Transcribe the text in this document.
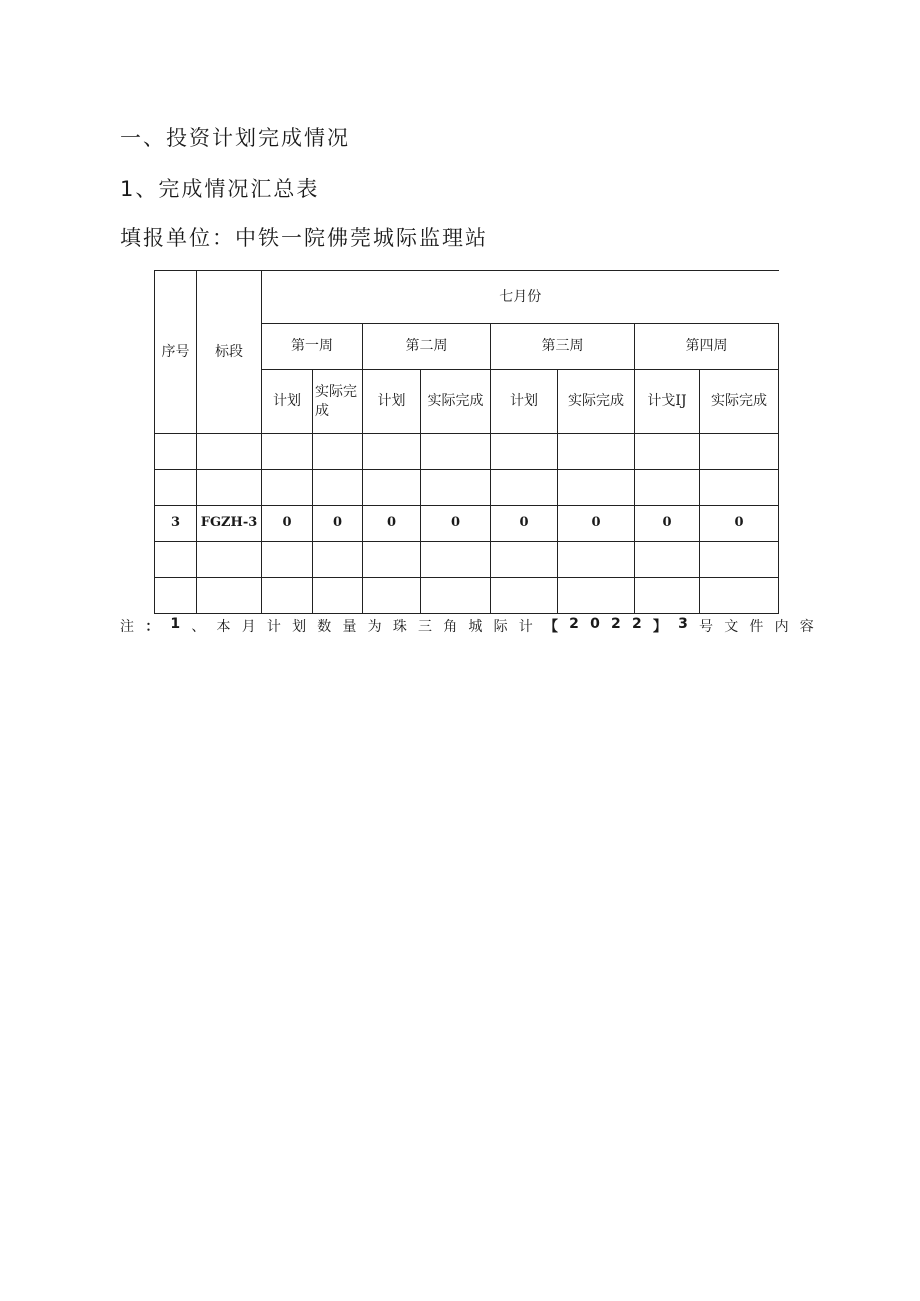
一、投资计划完成情况
1、完成情况汇总表
填报单位：中铁一院佛莞城际监理站
序号	标段	七月份							
		第一周		第二周		第三周		第四周	
		计划	实际完成	计划	实际完成	计划	实际完成	计戈IJ	实际完成

3	FGZH-3	0	0	0	0	0	0	0	0

注 ： 1 、 本 月 计 划 数 量 为 珠 三 角 城 际 计 【 2 0 2 2 】 3 号 文 件 内 容
